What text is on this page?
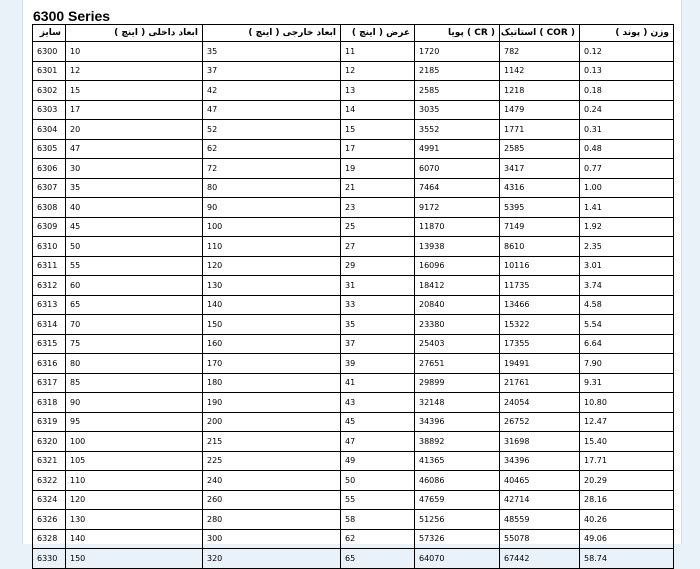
6300 Series
سایز	ابعاد داخلی ( اینچ )	ابعاد خارجی ( اینچ )	عرض ( اینچ )	پویا ( CR )	استاتیک ( COR )	وزن ( پوند )
6300	10	35	11	1720	782	0.12
6301	12	37	12	2185	1142	0.13
6302	15	42	13	2585	1218	0.18
6303	17	47	14	3035	1479	0.24
6304	20	52	15	3552	1771	0.31
6305	47	62	17	4991	2585	0.48
6306	30	72	19	6070	3417	0.77
6307	35	80	21	7464	4316	1.00
6308	40	90	23	9172	5395	1.41
6309	45	100	25	11870	7149	1.92
6310	50	110	27	13938	8610	2.35
6311	55	120	29	16096	10116	3.01
6312	60	130	31	18412	11735	3.74
6313	65	140	33	20840	13466	4.58
6314	70	150	35	23380	15322	5.54
6315	75	160	37	25403	17355	6.64
6316	80	170	39	27651	19491	7.90
6317	85	180	41	29899	21761	9.31
6318	90	190	43	32148	24054	10.80
6319	95	200	45	34396	26752	12.47
6320	100	215	47	38892	31698	15.40
6321	105	225	49	41365	34396	17.71
6322	110	240	50	46086	40465	20.29
6324	120	260	55	47659	42714	28.16
6326	130	280	58	51256	48559	40.26
6328	140	300	62	57326	55078	49.06
6330	150	320	65	64070	67442	58.74
